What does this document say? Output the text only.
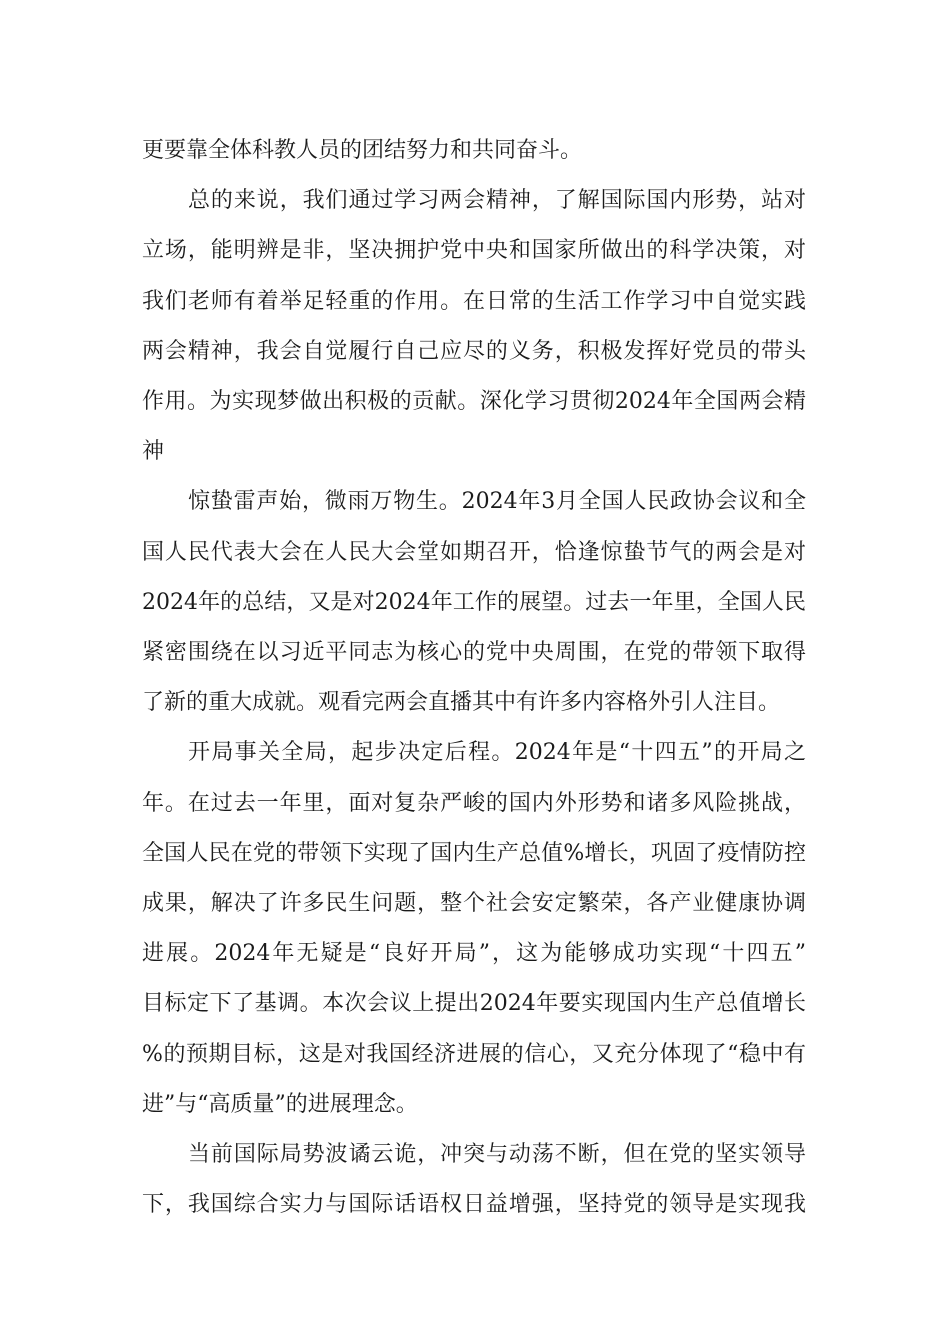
更要靠全体科教人员的团结努力和共同奋斗。
总的来说，我们通过学习两会精神，了解国际国内形势，站对
立场，能明辨是非，坚决拥护党中央和国家所做出的科学决策，对
我们老师有着举足轻重的作用。在日常的生活工作学习中自觉实践
两会精神，我会自觉履行自己应尽的义务，积极发挥好党员的带头
作用。为实现梦做出积极的贡献。深化学习贯彻2024年全国两会精
神
惊蛰雷声始，微雨万物生。2024年3月全国人民政协会议和全
国人民代表大会在人民大会堂如期召开，恰逢惊蛰节气的两会是对
2024年的总结，又是对2024年工作的展望。过去一年里，全国人民
紧密围绕在以习近平同志为核心的党中央周围，在党的带领下取得
了新的重大成就。观看完两会直播其中有许多内容格外引人注目。
开局事关全局，起步决定后程。2024年是“十四五”的开局之
年。在过去一年里，面对复杂严峻的国内外形势和诸多风险挑战，
全国人民在党的带领下实现了国内生产总值%增长，巩固了疫情防控
成果，解决了许多民生问题，整个社会安定繁荣，各产业健康协调
进展。2024年无疑是“良好开局”，这为能够成功实现“十四五”
目标定下了基调。本次会议上提出2024年要实现国内生产总值增长
%的预期目标，这是对我国经济进展的信心，又充分体现了“稳中有
进”与“高质量”的进展理念。
当前国际局势波谲云诡，冲突与动荡不断，但在党的坚实领导
下，我国综合实力与国际话语权日益增强，坚持党的领导是实现我
